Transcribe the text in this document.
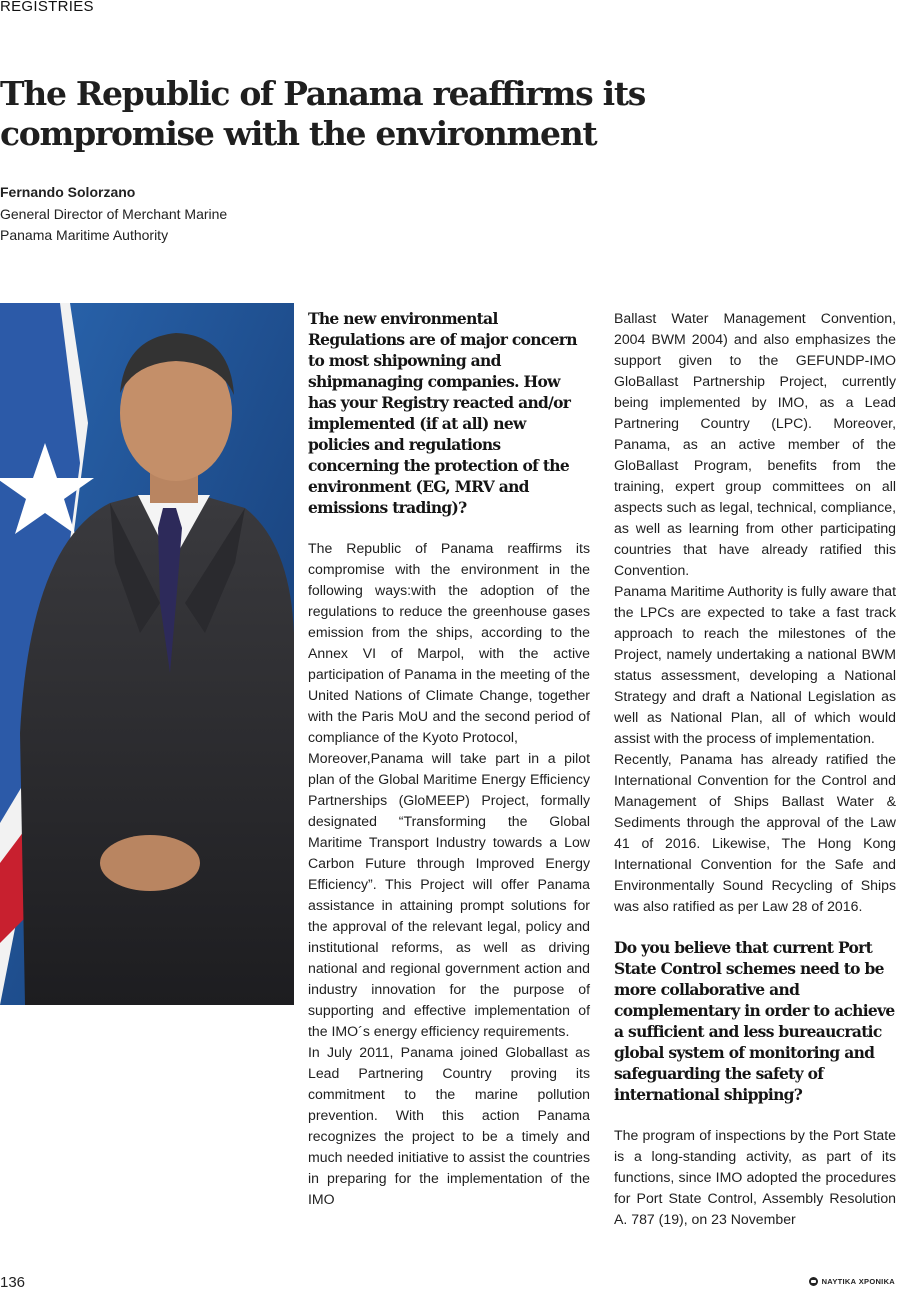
REGISTRIES
The Republic of Panama reaffirms its compromise with the environment
Fernando Solorzano
General Director of Merchant Marine
Panama Maritime Authority
The new environmental Regulations are of major concern to most shipowning and shipmanaging companies. How has your Registry reacted and/or implemented (if at all) new policies and regulations concerning the protection of the environment (EG, MRV and emissions trading)?

The Republic of Panama reaffirms its compromise with the environment in the following ways:with the adoption of the regulations to reduce the greenhouse gases emission from the ships, according to the Annex VI of Marpol, with the active participation of Panama in the meeting of the United Nations of Climate Change, together with the Paris MoU and the second period of compliance of the Kyoto Protocol,

Moreover,Panama will take part in a pilot plan of the Global Maritime Energy Efficiency Partnerships (GloMEEP) Project, formally designated “Transforming the Global Maritime Transport Industry towards a Low Carbon Future through Improved Energy Efficiency”. This Project will offer Panama assistance in attaining prompt solutions for the approval of the relevant legal, policy and institutional reforms, as well as driving national and regional government action and industry innovation for the purpose of supporting and effective implementation of the IMO´s energy efficiency requirements.

In July 2011, Panama joined Globallast as Lead Partnering Country proving its commitment to the marine pollution prevention. With this action Panama recognizes the project to be a timely and much needed initiative to assist the countries in preparing for the implementation of the IMO

Ballast Water Management Convention, 2004 BWM 2004) and also emphasizes the support given to the GEFUNDP-IMO GloBallast Partnership Project, currently being implemented by IMO, as a Lead Partnering Country (LPC). Moreover, Panama, as an active member of the GloBallast Program, benefits from the training, expert group committees on all aspects such as legal, technical, compliance, as well as learning from other participating countries that have already ratified this Convention.

Panama Maritime Authority is fully aware that the LPCs are expected to take a fast track approach to reach the milestones of the Project, namely undertaking a national BWM status assessment, developing a National Strategy and draft a National Legislation as well as National Plan, all of which would assist with the process of implementation.

Recently, Panama has already ratified the International Convention for the Control and Management of Ships Ballast Water & Sediments through the approval of the Law 41 of 2016. Likewise, The Hong Kong International Convention for the Safe and Environmentally Sound Recycling of Ships was also ratified as per Law 28 of 2016.

Do you believe that current Port State Control schemes need to be more collaborative and complementary in order to achieve a sufficient and less bureaucratic global system of monitoring and safeguarding the safety of international shipping?

The program of inspections by the Port State is a long-standing activity, as part of its functions, since IMO adopted the procedures for Port State Control, Assembly Resolution A. 787 (19), on 23 November

136	ΝΑΥΤΙΚΑ ΧΡΟΝΙΚΑ
